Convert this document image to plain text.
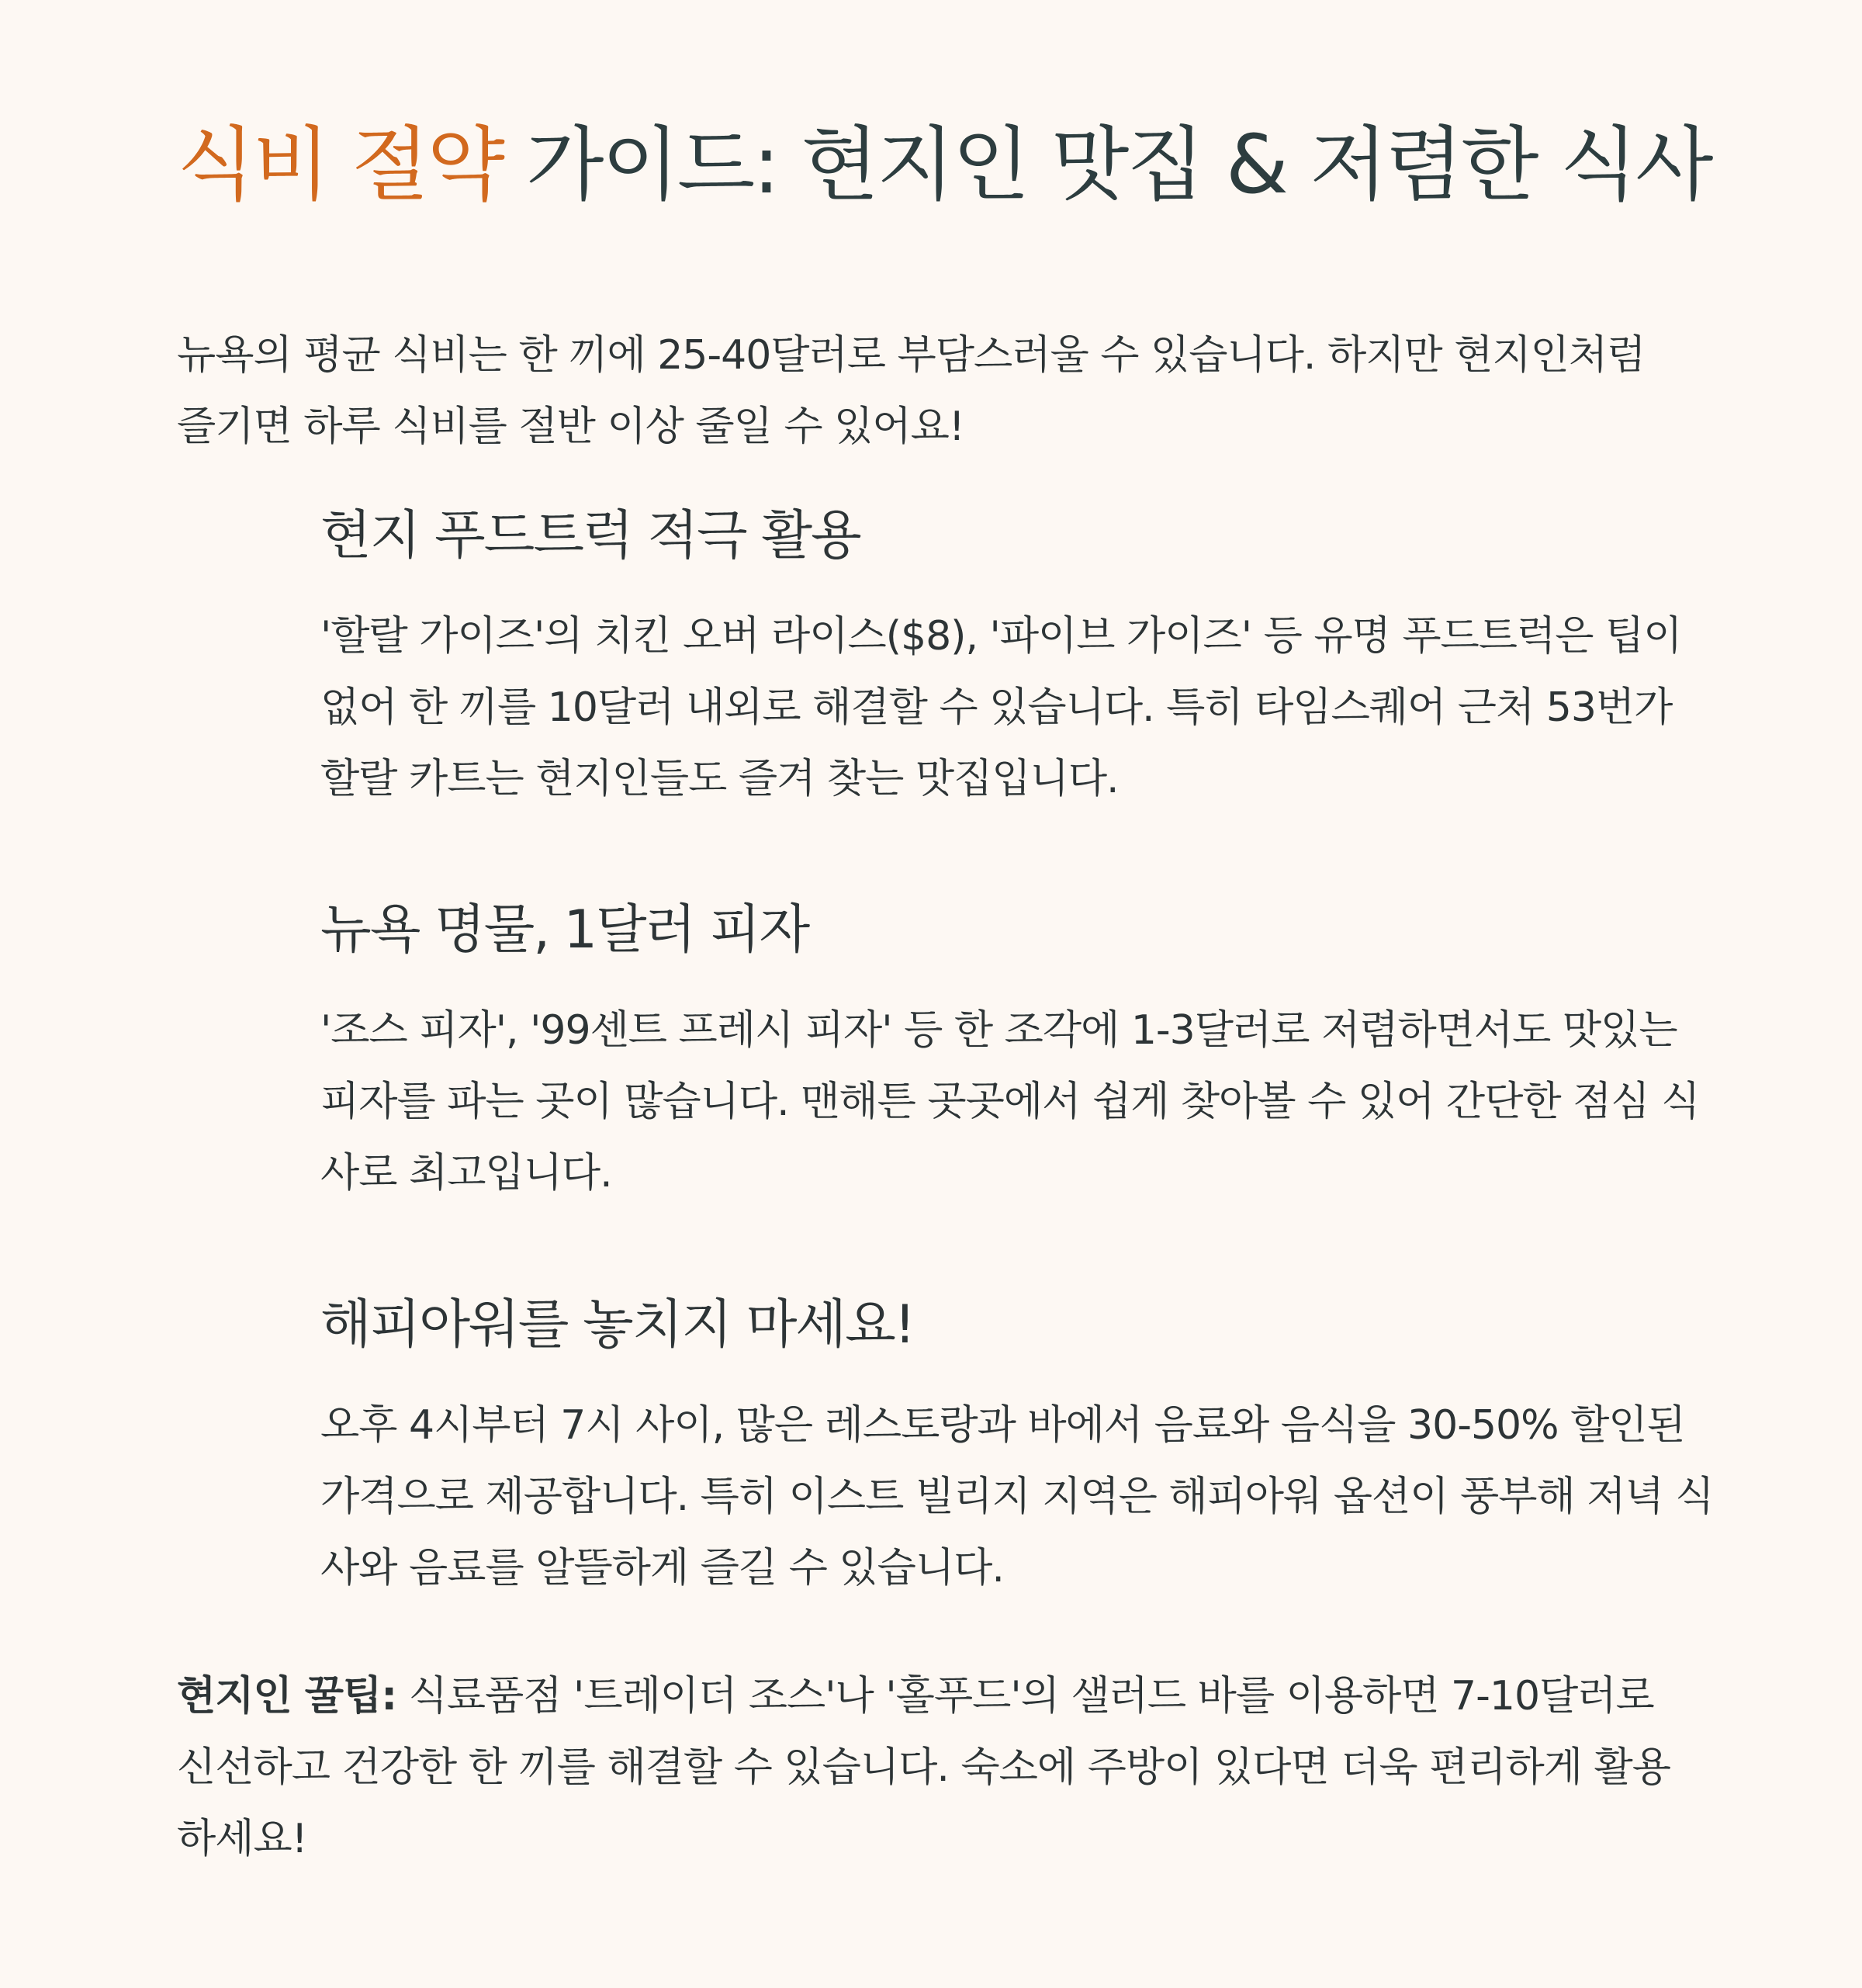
식비 절약 가이드: 현지인 맛집 & 저렴한 식사

뉴욕의 평균 식비는 한 끼에 25-40달러로 부담스러울 수 있습니다. 하지만 현지인처럼 즐기면 하루 식비를 절반 이상 줄일 수 있어요!

현지 푸드트럭 적극 활용

'할랄 가이즈'의 치킨 오버 라이스($8), '파이브 가이즈' 등 유명 푸드트럭은 팁이 없어 한 끼를 10달러 내외로 해결할 수 있습니다. 특히 타임스퀘어 근처 53번가 할랄 카트는 현지인들도 즐겨 찾는 맛집입니다.

뉴욕 명물, 1달러 피자

'조스 피자', '99센트 프레시 피자' 등 한 조각에 1-3달러로 저렴하면서도 맛있는 피자를 파는 곳이 많습니다. 맨해튼 곳곳에서 쉽게 찾아볼 수 있어 간단한 점심 식사로 최고입니다.

해피아워를 놓치지 마세요!

오후 4시부터 7시 사이, 많은 레스토랑과 바에서 음료와 음식을 30-50% 할인된 가격으로 제공합니다. 특히 이스트 빌리지 지역은 해피아워 옵션이 풍부해 저녁 식사와 음료를 알뜰하게 즐길 수 있습니다.

현지인 꿀팁: 식료품점 '트레이더 조스'나 '홀푸드'의 샐러드 바를 이용하면 7-10달러로 신선하고 건강한 한 끼를 해결할 수 있습니다. 숙소에 주방이 있다면 더욱 편리하게 활용하세요!
